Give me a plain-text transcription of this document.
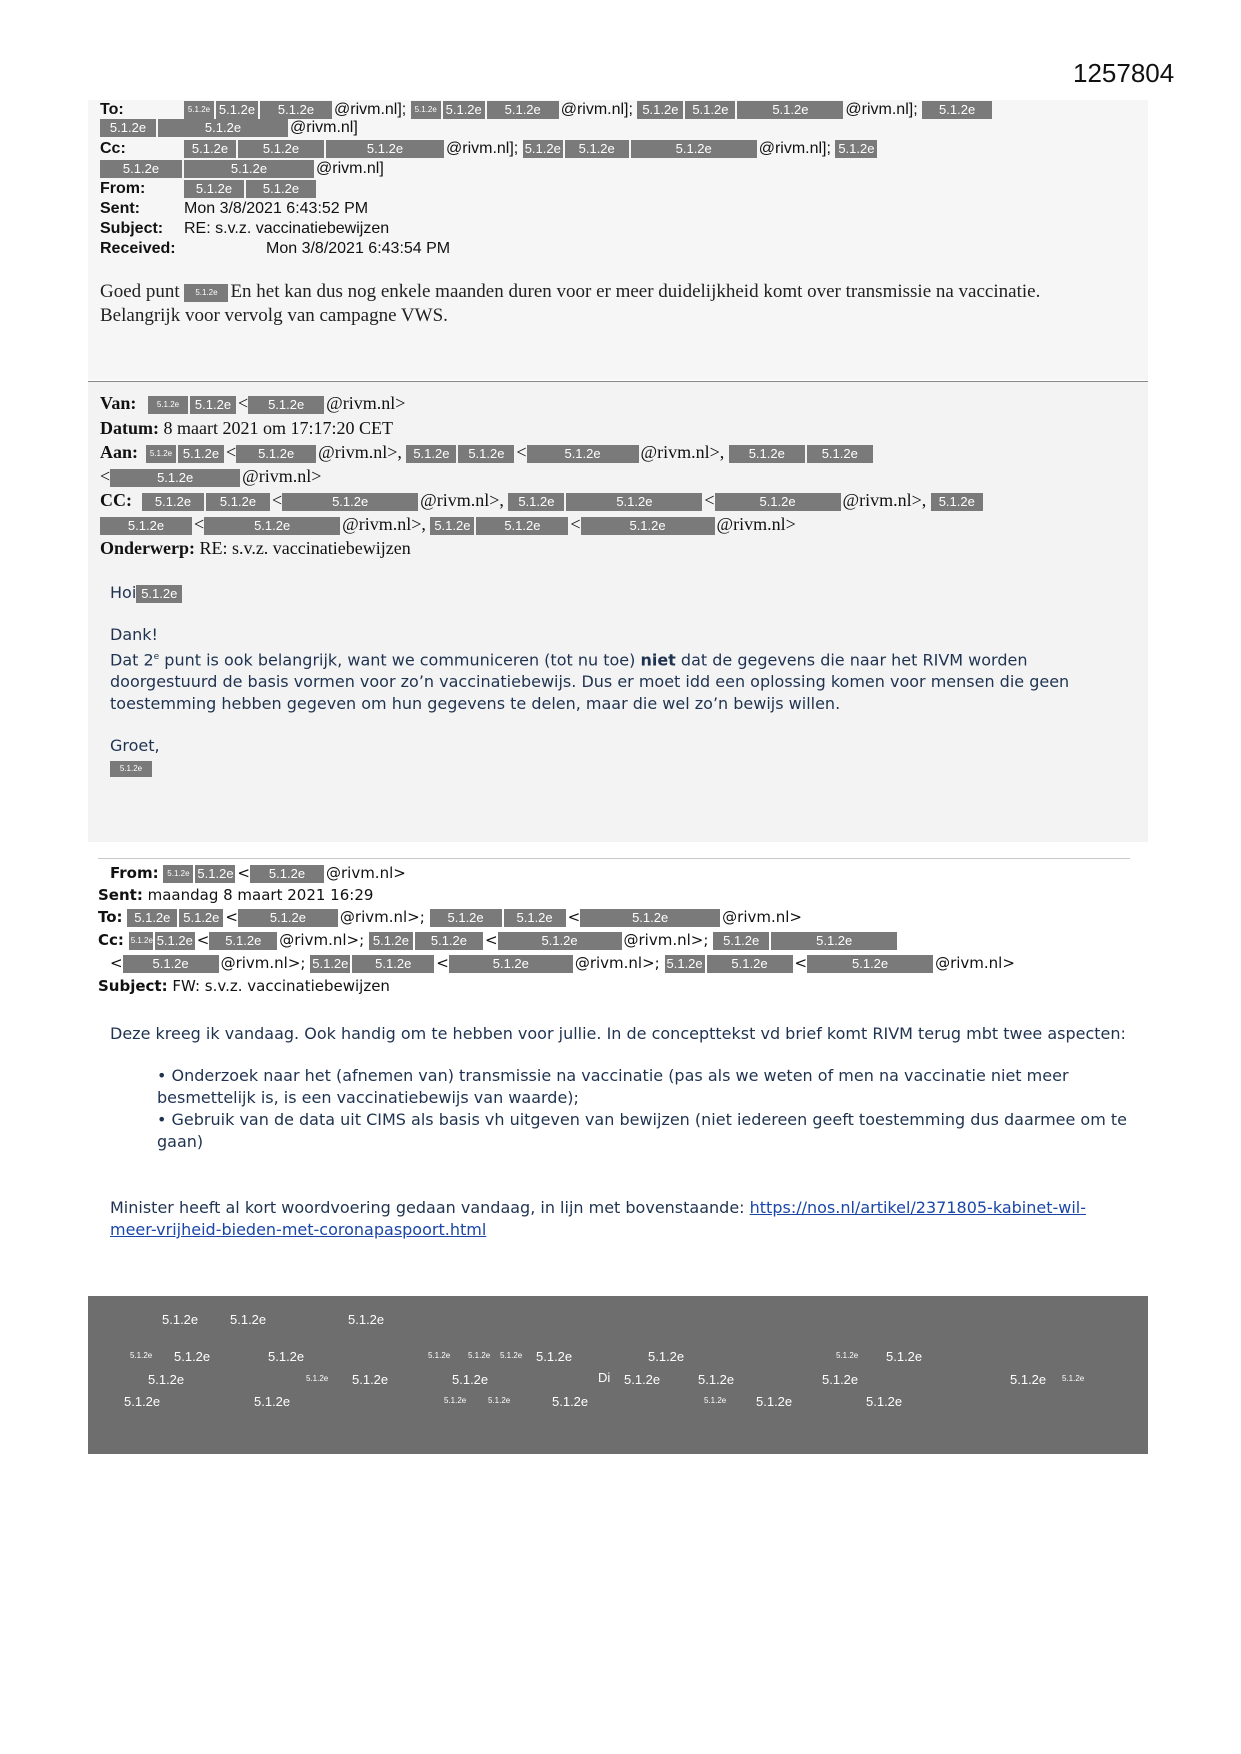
1257804
To:	5.1.2e 5.1.2e 5.1.2e @rivm.nl]; 5.1.2e 5.1.2e 5.1.2e @rivm.nl]; 5.1.2e 5.1.2e	5.1.2e @rivm.nl]; 5.1.2e
5.1.2e	5.1.2e	@rivm.nl]
Cc:	5.1.2e	5.1.2e	5.1.2e	@rivm.nl]; 5.1.2e 5.1.2e	5.1.2e	@rivm.nl]; 5.1.2e
5.1.2e	5.1.2e	@rivm.nl]
From:	5.1.2e 5.1.2e
Sent:	Mon 3/8/2021 6:43:52 PM
Subject: RE: s.v.z. vaccinatiebewijzen
Received:	Mon 3/8/2021 6:43:54 PM
Goed punt 5.1.2e En het kan dus nog enkele maanden duren voor er meer duidelijkheid komt over transmissie na vaccinatie.
Belangrijk voor vervolg van campagne VWS.
Van:	5.1.2e 5.1.2e < 5.1.2e @rivm.nl>
Datum: 8 maart 2021 om 17:17:20 CET
Aan: 5.1.2e 5.1.2e < 5.1.2e @rivm.nl>, 5.1.2e 5.1.2e <	5.1.2e @rivm.nl>, 5.1.2e	5.1.2e
<	5.1.2e	@rivm.nl>
CC: 5.1.2e 5.1.2e <	5.1.2e	@rivm.nl>, 5.1.2e	5.1.2e	<	5.1.2e	@rivm.nl>, 5.1.2e
5.1.2e <	5.1.2e	@rivm.nl>, 5.1.2e	5.1.2e <	5.1.2e	@rivm.nl>
Onderwerp: RE: s.v.z. vaccinatiebewijzen

Hoi 5.1.2e

Dank!

Dat 2e punt is ook belangrijk, want we communiceren (tot nu toe) niet dat de gegevens die naar het RIVM worden doorgestuurd de basis vormen voor zo’n vaccinatiebewijs. Dus er moet idd een oplossing komen voor mensen die geen toestemming hebben gegeven om hun gegevens te delen, maar die wel zo’n bewijs willen.

Groet,

5.1.2e

From: 5.1.2e 5.1.2e < 5.1.2e @rivm.nl>
Sent: maandag 8 maart 2021 16:29
To: 5.1.2e 5.1.2e < 5.1.2e @rivm.nl>; 5.1.2e	5.1.2e <	5.1.2e	@rivm.nl>
Cc: 5.1.2e 5.1.2e < 5.1.2e @rivm.nl>; 5.1.2e 5.1.2e <	5.1.2e	@rivm.nl>; 5.1.2e	5.1.2e
< 5.1.2e @rivm.nl>; 5.1.2e 5.1.2e <	5.1.2e	@rivm.nl>; 5.1.2e 5.1.2e <	5.1.2e	@rivm.nl>
Subject: FW: s.v.z. vaccinatiebewijzen

Deze kreeg ik vandaag. Ook handig om te hebben voor jullie. In de concepttekst vd brief komt RIVM terug mbt twee aspecten:

• Onderzoek naar het (afnemen van) transmissie na vaccinatie (pas als we weten of men na vaccinatie niet meer besmettelijk is, is een vaccinatiebewijs van waarde);

• Gebruik van de data uit CIMS als basis vh uitgeven van bewijzen (niet iedereen geeft toestemming dus daarmee om te gaan)

Minister heeft al kort woordvoering gedaan vandaag, in lijn met bovenstaande: https://nos.nl/artikel/2371805-kabinet-wil-meer-vrijheid-bieden-met-coronapaspoort.html

5.1.2e 5.1.2e	5.1.2e
5.1.2e 5.1.2e	5.1.2e	5.1.2e 5.1.2e 5.1.2e 5.1.2e	5.1.2e	5.1.2e 5.1.2e
5.1.2e	5.1.2e 5.1.2e	5.1.2e	Di 5.1.2e	5.1.2e	5.1.2e	5.1.2e 5.1.2e
5.1.2e	5.1.2e	5.1.2e	5.1.2e	5.1.2e	5.1.2e 5.1.2e	5.1.2e
